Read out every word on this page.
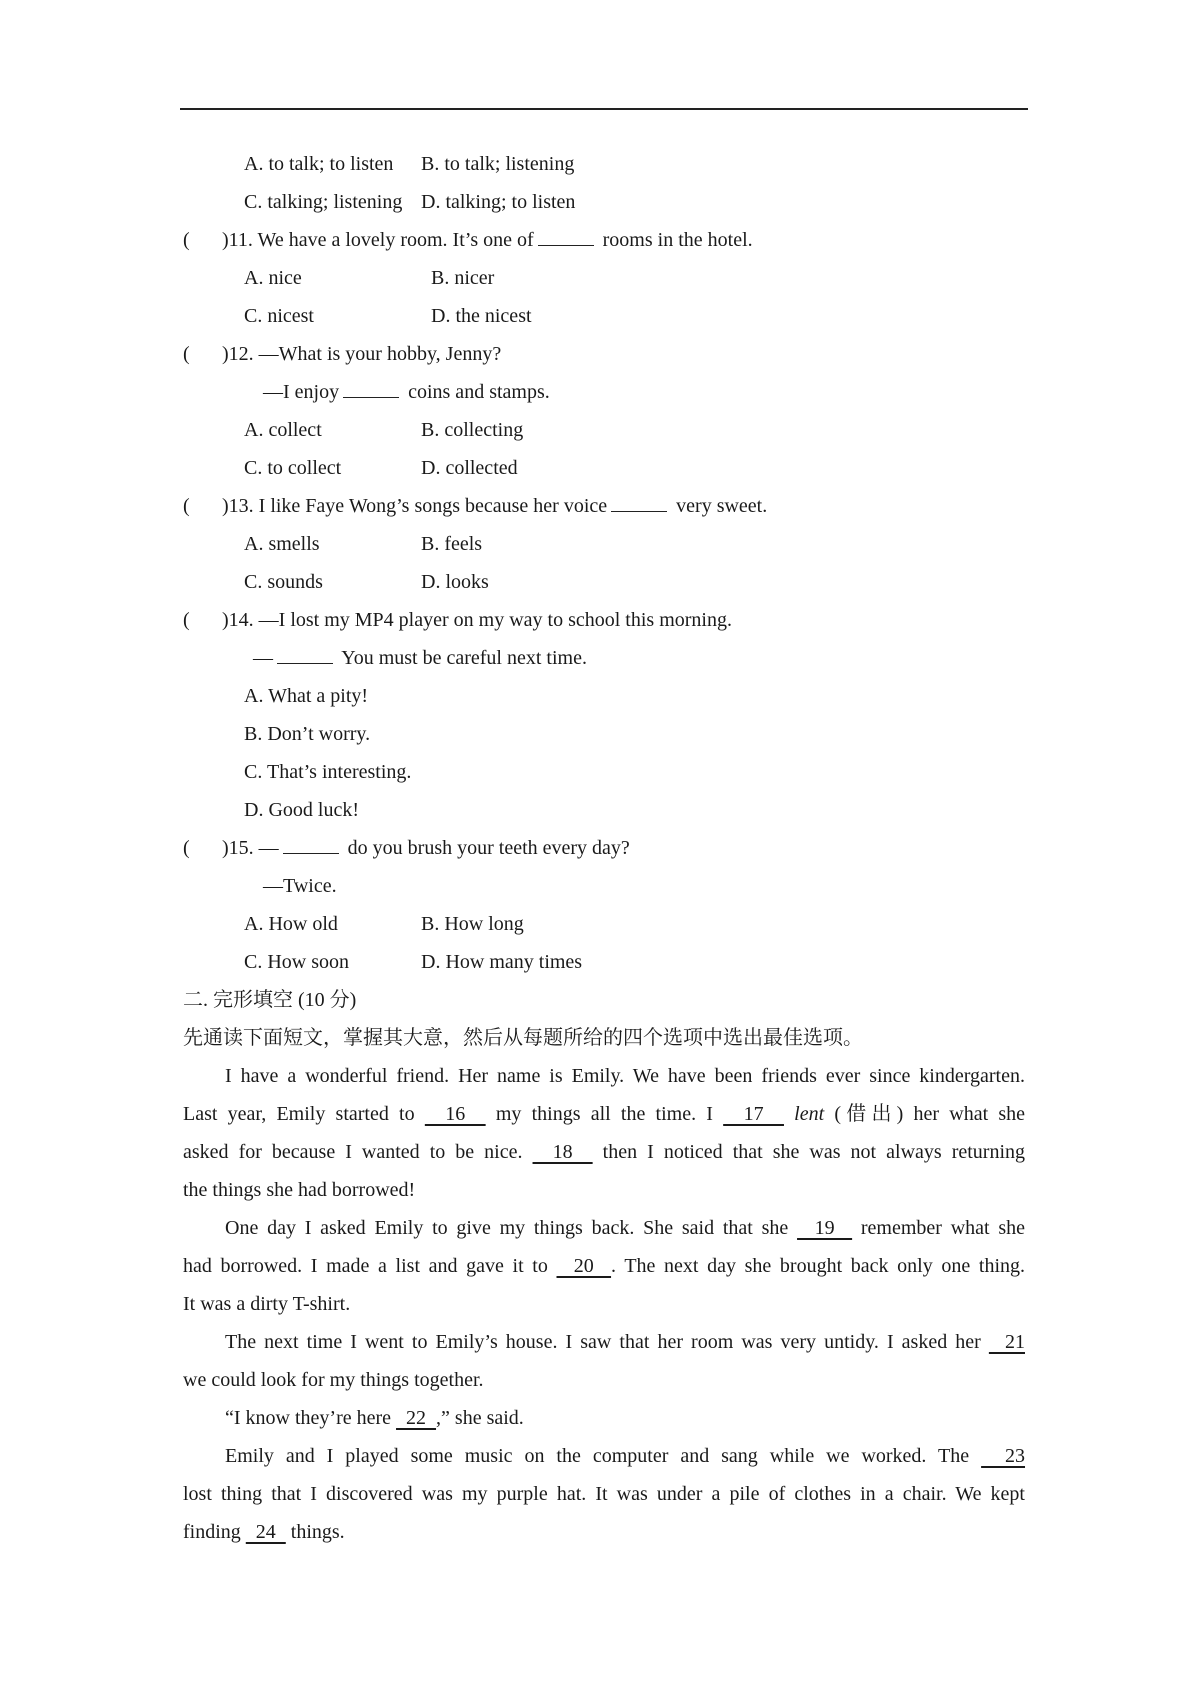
A. to talk; to listen B. to talk; listening
C. talking; listening D. talking; to listen
( )11. We have a lovely room. It’s one of	rooms in the hotel.
A. nice	B. nicer
C. nicest	D. the nicest
( )12. —What is your hobby, Jenny?
—I enjoy	coins and stamps.
A. collect	B. collecting
C. to collect	D. collected
( )13. I like Faye Wong’s songs because her voice	very sweet.
A. smells	B. feels
C. sounds	D. looks
( )14. —I lost my MP4 player on my way to school this morning.
—	You must be careful next time.
A. What a pity!
B. Don’t worry.
C. That’s interesting.
D. Good luck!
( )15. —	do you brush your teeth every day?
—Twice.
A. How old	B. How long
C. How soon	D. How many times
二. 完形填空 (10 分)
先通读下面短文，掌握其大意，然后从每题所给的四个选项中选出最佳选项。
I have a wonderful friend. Her name is Emily. We have been friends ever since kindergarten.
Last year, Emily started to   16   my things all the time. I   17   lent (借出) her what she
asked for because I wanted to be nice.   18   then I noticed that she was not always returning
the things she had borrowed!
One day I asked Emily to give my things back. She said that she   19   remember what she
had borrowed. I made a list and gave it to   20  . The next day she brought back only one thing.
It was a dirty T-shirt.
The next time I went to Emily’s house. I saw that her room was very untidy. I asked her   21
we could look for my things together.
“I know they’re here   22  ,” she said.
Emily and I played some music on the computer and sang while we worked. The   23
lost thing that I discovered was my purple hat. It was under a pile of clothes in a chair. We kept
finding   24   things.
